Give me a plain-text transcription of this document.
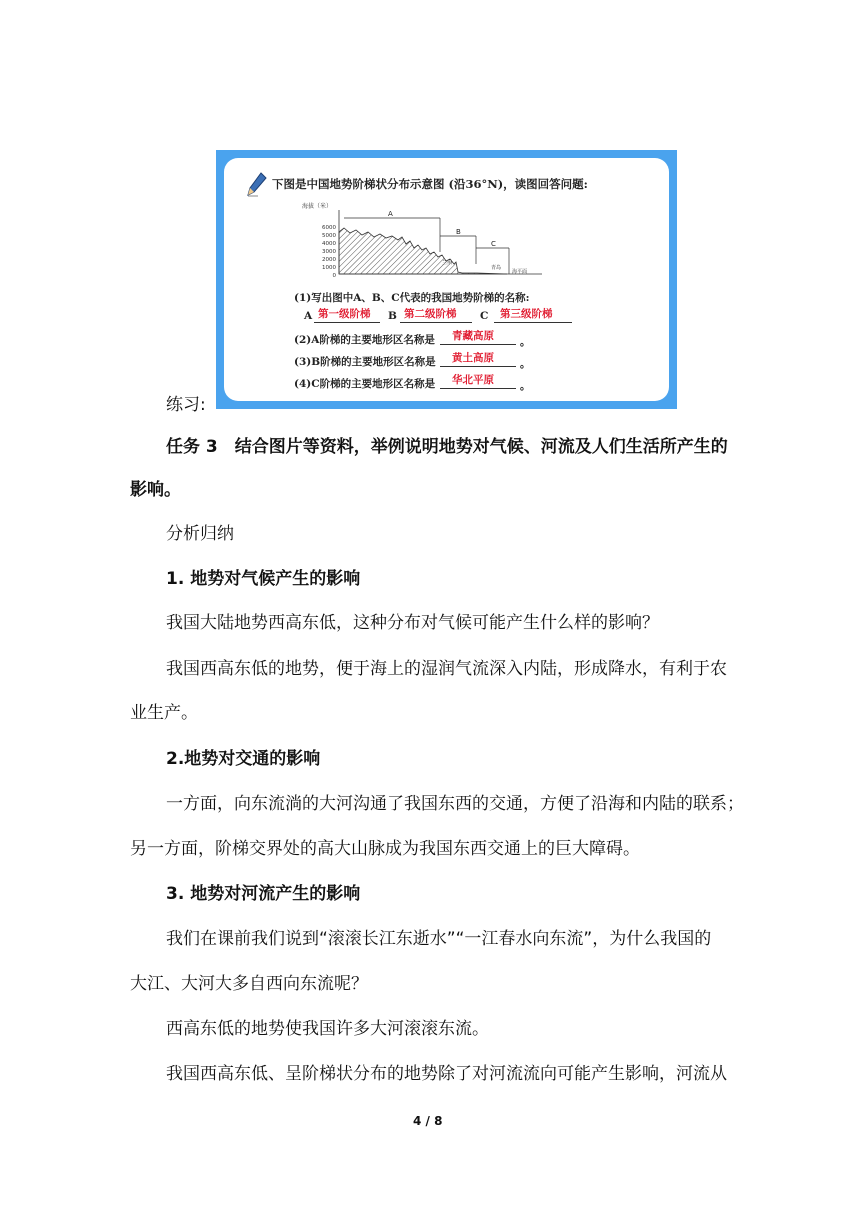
下图是中国地势阶梯状分布示意图 (沿36°N)，读图回答问题:
海拔（米）
6000
5000
4000
3000
2000
1000
0
A
B
C
兰州
青岛
海平面
(1)写出图中A、B、C代表的我国地势阶梯的名称:
A 第一级阶梯 B 第二级阶梯 C 第三级阶梯
(2)A阶梯的主要地形区名称是 青藏高原 。
(3)B阶梯的主要地形区名称是 黄土高原 。
(4)C阶梯的主要地形区名称是 华北平原 。
练习:
任务 3　结合图片等资料，举例说明地势对气候、河流及人们生活所产生的
影响。
分析归纳
1. 地势对气候产生的影响
我国大陆地势西高东低，这种分布对气候可能产生什么样的影响？
我国西高东低的地势，便于海上的湿润气流深入内陆，形成降水，有利于农
业生产。
2.地势对交通的影响
一方面，向东流淌的大河沟通了我国东西的交通，方便了沿海和内陆的联系；
另一方面，阶梯交界处的高大山脉成为我国东西交通上的巨大障碍。
3. 地势对河流产生的影响
我们在课前我们说到“滚滚长江东逝水”“一江春水向东流”，为什么我国的
大江、大河大多自西向东流呢？
西高东低的地势使我国许多大河滚滚东流。
我国西高东低、呈阶梯状分布的地势除了对河流流向可能产生影响，河流从
4 / 8
